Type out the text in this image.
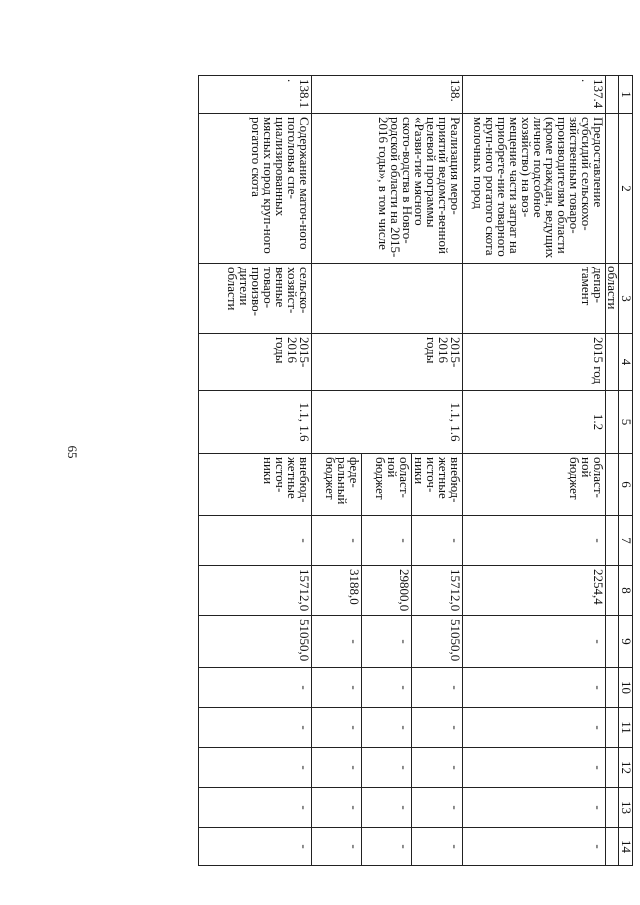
65
1	2	3	4	5	6	7	8	9	10	11	12	13	14
		области											
137.4.	Предоставление субсидий сельскохо-зяйственным товаро-производителям области (кроме граждан, ведущих личное подсобное хозяйство) на воз-мещение части затрат на приобрете-ние товарного круп-ного рогатого скота молочных пород	депар-тамент	2015 год	1.2	област-ной бюджет	-	2254,4	-	-	-	-	-	-
138.	Реализация меро-приятий ведомст-венной целевой программы «Разви-тие мясного ското-водства в Новго-родской области на 2015-2016 годы», в том числе		2015-2016 годы	1.1, 1.6	внебюд-жетные источ-ники	-	15712,0	51050,0	-	-	-	-	-
					област-ной бюджет	-	29800,0	-	-	-	-	-	-
					феде-ральный бюджет	-	3188,0	-	-	-	-	-	-
138.1.	Содержание маточ-ного поголовья спе-циализированных мясных пород круп-ного рогатого скота	сельско-хозяйст-венные товаро-произво-дители области	2015-2016 годы	1.1, 1.6	внебюд-жетные источ-ники	-	15712,0	51050,0	-	-	-	-	-
